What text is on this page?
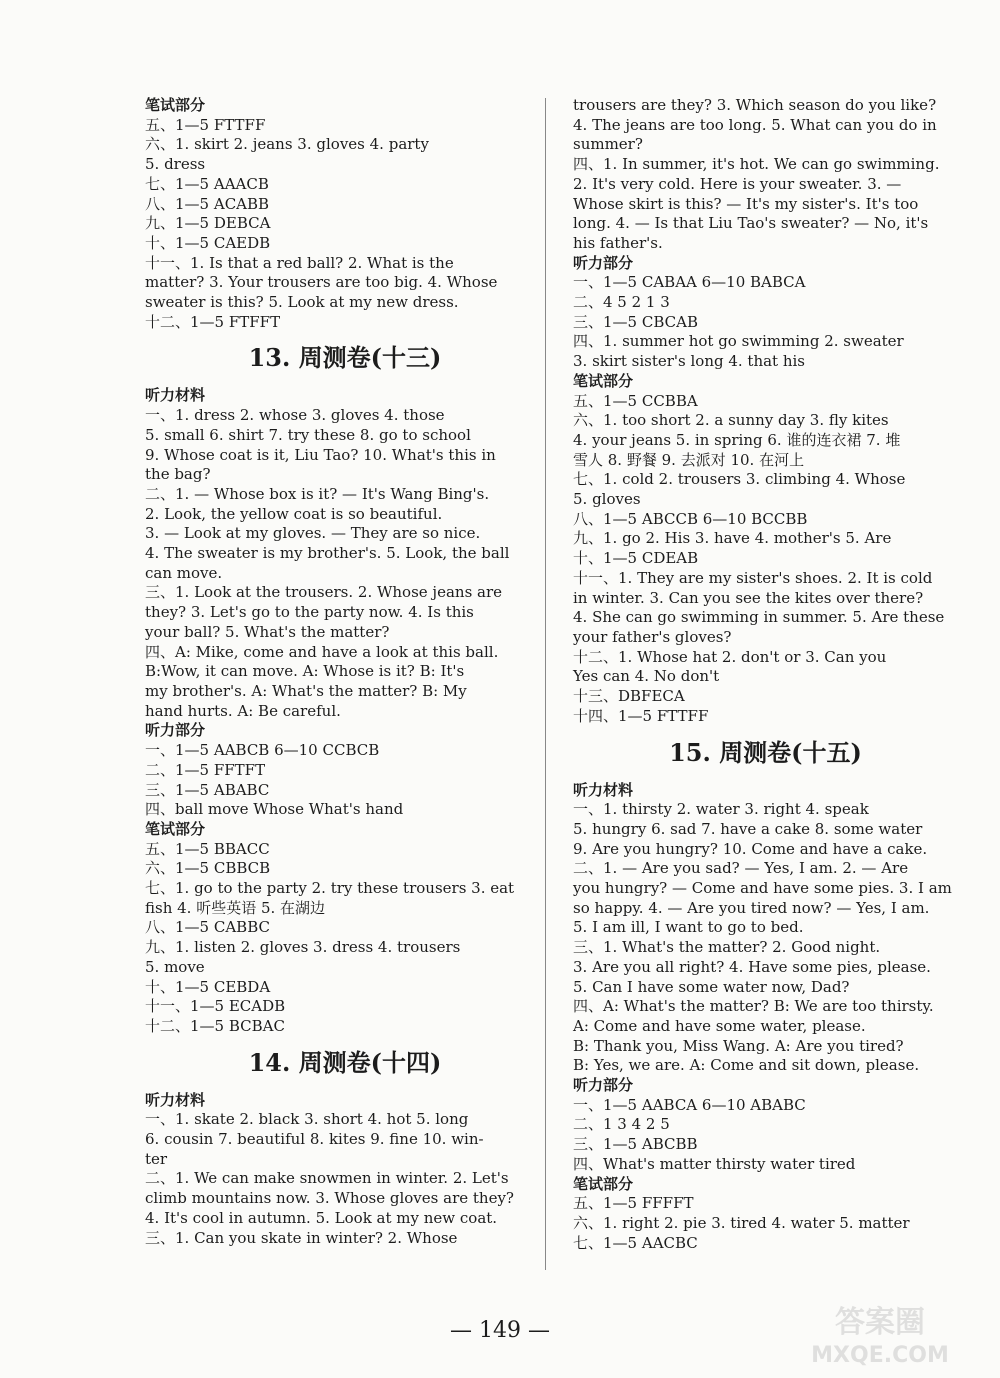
笔试部分
五、1—5 FTTFF
六、1. skirt 2. jeans 3. gloves 4. party
5. dress
七、1—5 AAACB
八、1—5 ACABB
九、1—5 DEBCA
十、1—5 CAEDB
十一、1. Is that a red ball? 2. What is the
matter? 3. Your trousers are too big. 4. Whose
sweater is this? 5. Look at my new dress.
十二、1—5 FTFFT
13. 周测卷(十三)
听力材料
一、1. dress 2. whose 3. gloves 4. those
5. small 6. shirt 7. try these 8. go to school
9. Whose coat is it, Liu Tao? 10. What's this in
the bag?
二、1. — Whose box is it? — It's Wang Bing's.
2. Look, the yellow coat is so beautiful.
3. — Look at my gloves. — They are so nice.
4. The sweater is my brother's. 5. Look, the ball
can move.
三、1. Look at the trousers. 2. Whose jeans are
they? 3. Let's go to the party now. 4. Is this
your ball? 5. What's the matter?
四、A: Mike, come and have a look at this ball.
B:Wow, it can move. A: Whose is it? B: It's
my brother's. A: What's the matter? B: My
hand hurts. A: Be careful.
听力部分
一、1—5 AABCB 6—10 CCBCB
二、1—5 FFTFT
三、1—5 ABABC
四、ball move Whose What's hand
笔试部分
五、1—5 BBACC
六、1—5 CBBCB
七、1. go to the party 2. try these trousers 3. eat
fish 4. 听些英语 5. 在湖边
八、1—5 CABBC
九、1. listen 2. gloves 3. dress 4. trousers
5. move
十、1—5 CEBDA
十一、1—5 ECADB
十二、1—5 BCBAC
14. 周测卷(十四)
听力材料
一、1. skate 2. black 3. short 4. hot 5. long
6. cousin 7. beautiful 8. kites 9. fine 10. win-
ter
二、1. We can make snowmen in winter. 2. Let's
climb mountains now. 3. Whose gloves are they?
4. It's cool in autumn. 5. Look at my new coat.
三、1. Can you skate in winter? 2. Whose
trousers are they? 3. Which season do you like?
4. The jeans are too long. 5. What can you do in
summer?
四、1. In summer, it's hot. We can go swimming.
2. It's very cold. Here is your sweater. 3. —
Whose skirt is this? — It's my sister's. It's too
long. 4. — Is that Liu Tao's sweater? — No, it's
his father's.
听力部分
一、1—5 CABAA 6—10 BABCA
二、4 5 2 1 3
三、1—5 CBCAB
四、1. summer hot go swimming 2. sweater
3. skirt sister's long 4. that his
笔试部分
五、1—5 CCBBA
六、1. too short 2. a sunny day 3. fly kites
4. your jeans 5. in spring 6. 谁的连衣裙 7. 堆
雪人 8. 野餐 9. 去派对 10. 在河上
七、1. cold 2. trousers 3. climbing 4. Whose
5. gloves
八、1—5 ABCCB 6—10 BCCBB
九、1. go 2. His 3. have 4. mother's 5. Are
十、1—5 CDEAB
十一、1. They are my sister's shoes. 2. It is cold
in winter. 3. Can you see the kites over there?
4. She can go swimming in summer. 5. Are these
your father's gloves?
十二、1. Whose hat 2. don't or 3. Can you
Yes can 4. No don't
十三、DBFECA
十四、1—5 FTTFF
15. 周测卷(十五)
听力材料
一、1. thirsty 2. water 3. right 4. speak
5. hungry 6. sad 7. have a cake 8. some water
9. Are you hungry? 10. Come and have a cake.
二、1. — Are you sad? — Yes, I am. 2. — Are
you hungry? — Come and have some pies. 3. I am
so happy. 4. — Are you tired now? — Yes, I am.
5. I am ill, I want to go to bed.
三、1. What's the matter? 2. Good night.
3. Are you all right? 4. Have some pies, please.
5. Can I have some water now, Dad?
四、A: What's the matter? B: We are too thirsty.
A: Come and have some water, please.
B: Thank you, Miss Wang. A: Are you tired?
B: Yes, we are. A: Come and sit down, please.
听力部分
一、1—5 AABCA 6—10 ABABC
二、1 3 4 2 5
三、1—5 ABCBB
四、What's matter thirsty water tired
笔试部分
五、1—5 FFFFT
六、1. right 2. pie 3. tired 4. water 5. matter
七、1—5 AACBC
— 149 —	答案圈
MXQE.COM
